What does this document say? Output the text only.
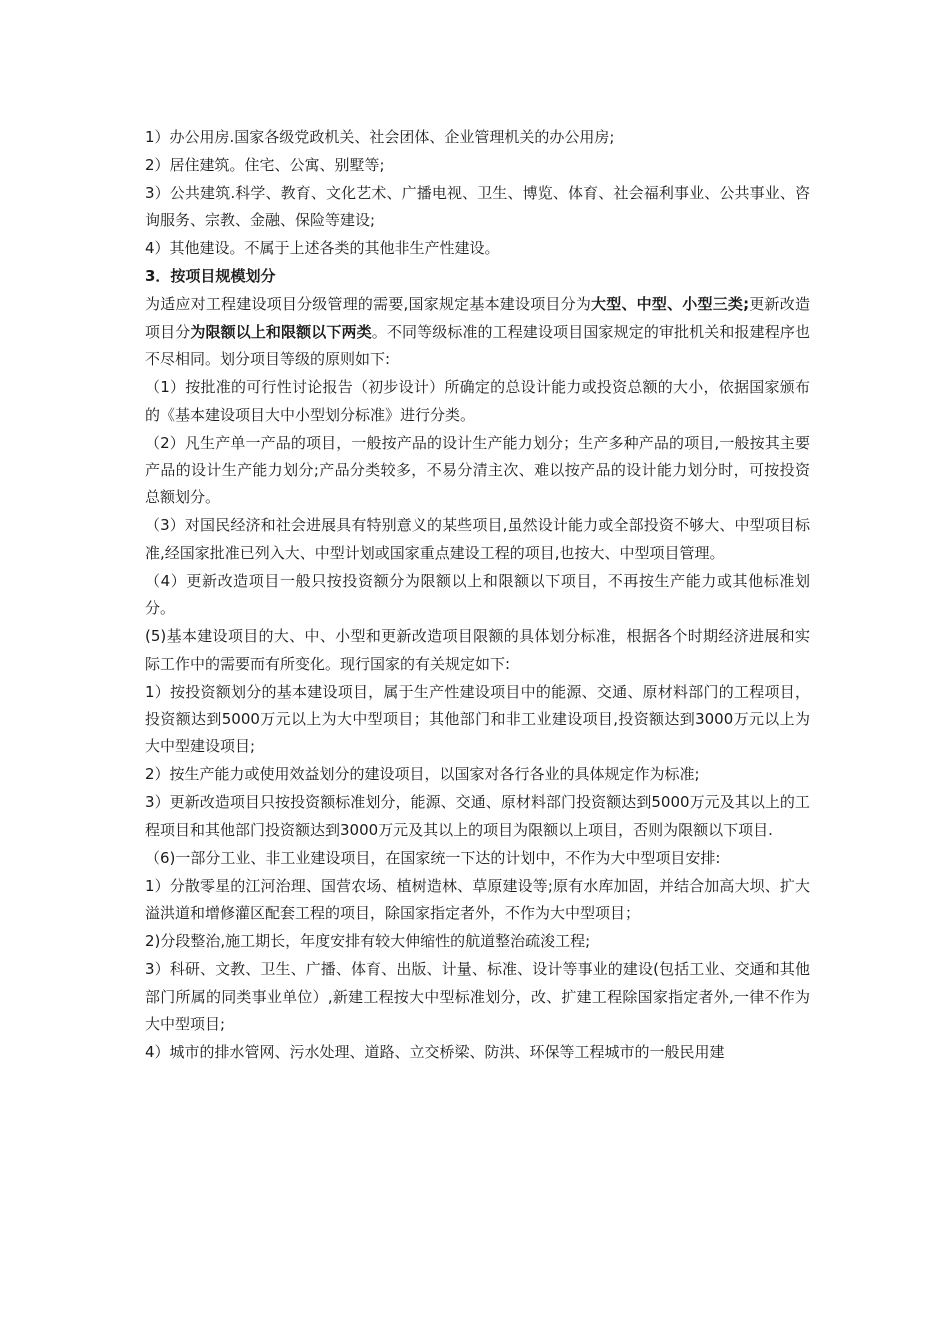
1）办公用房.国家各级党政机关、社会团体、企业管理机关的办公用房;

2）居住建筑。住宅、公寓、别墅等;

3）公共建筑.科学、教育、文化艺术、广播电视、卫生、博览、体育、社会福利事业、公共事业、咨询服务、宗教、金融、保险等建设;

4）其他建设。不属于上述各类的其他非生产性建设。

3．按项目规模划分

为适应对工程建设项目分级管理的需要,国家规定基本建设项目分为大型、中型、小型三类;更新改造项目分为限额以上和限额以下两类。不同等级标准的工程建设项目国家规定的审批机关和报建程序也不尽相同。划分项目等级的原则如下:

（1）按批准的可行性讨论报告（初步设计）所确定的总设计能力或投资总额的大小，依据国家颁布的《基本建设项目大中小型划分标准》进行分类。

（2）凡生产单一产品的项目，一般按产品的设计生产能力划分；生产多种产品的项目,一般按其主要产品的设计生产能力划分;产品分类较多，不易分清主次、难以按产品的设计能力划分时，可按投资总额划分。

（3）对国民经济和社会进展具有特别意义的某些项目,虽然设计能力或全部投资不够大、中型项目标准,经国家批准已列入大、中型计划或国家重点建设工程的项目,也按大、中型项目管理。

（4）更新改造项目一般只按投资额分为限额以上和限额以下项目，不再按生产能力或其他标准划分。

(5)基本建设项目的大、中、小型和更新改造项目限额的具体划分标准，根据各个时期经济进展和实际工作中的需要而有所变化。现行国家的有关规定如下:

1）按投资额划分的基本建设项目，属于生产性建设项目中的能源、交通、原材料部门的工程项目，投资额达到5000万元以上为大中型项目；其他部门和非工业建设项目,投资额达到3000万元以上为大中型建设项目;

2）按生产能力或使用效益划分的建设项目，以国家对各行各业的具体规定作为标准;

3）更新改造项目只按投资额标准划分，能源、交通、原材料部门投资额达到5000万元及其以上的工程项目和其他部门投资额达到3000万元及其以上的项目为限额以上项目，否则为限额以下项目.

（6)一部分工业、非工业建设项目，在国家统一下达的计划中，不作为大中型项目安排:

1）分散零星的江河治理、国营农场、植树造林、草原建设等;原有水库加固，并结合加高大坝、扩大溢洪道和增修灌区配套工程的项目，除国家指定者外，不作为大中型项目；

2)分段整治,施工期长，年度安排有较大伸缩性的航道整治疏浚工程;

3）科研、文教、卫生、广播、体育、出版、计量、标准、设计等事业的建设(包括工业、交通和其他部门所属的同类事业单位）,新建工程按大中型标准划分，改、扩建工程除国家指定者外,一律不作为大中型项目;

4）城市的排水管网、污水处理、道路、立交桥梁、防洪、环保等工程城市的一般民用建
